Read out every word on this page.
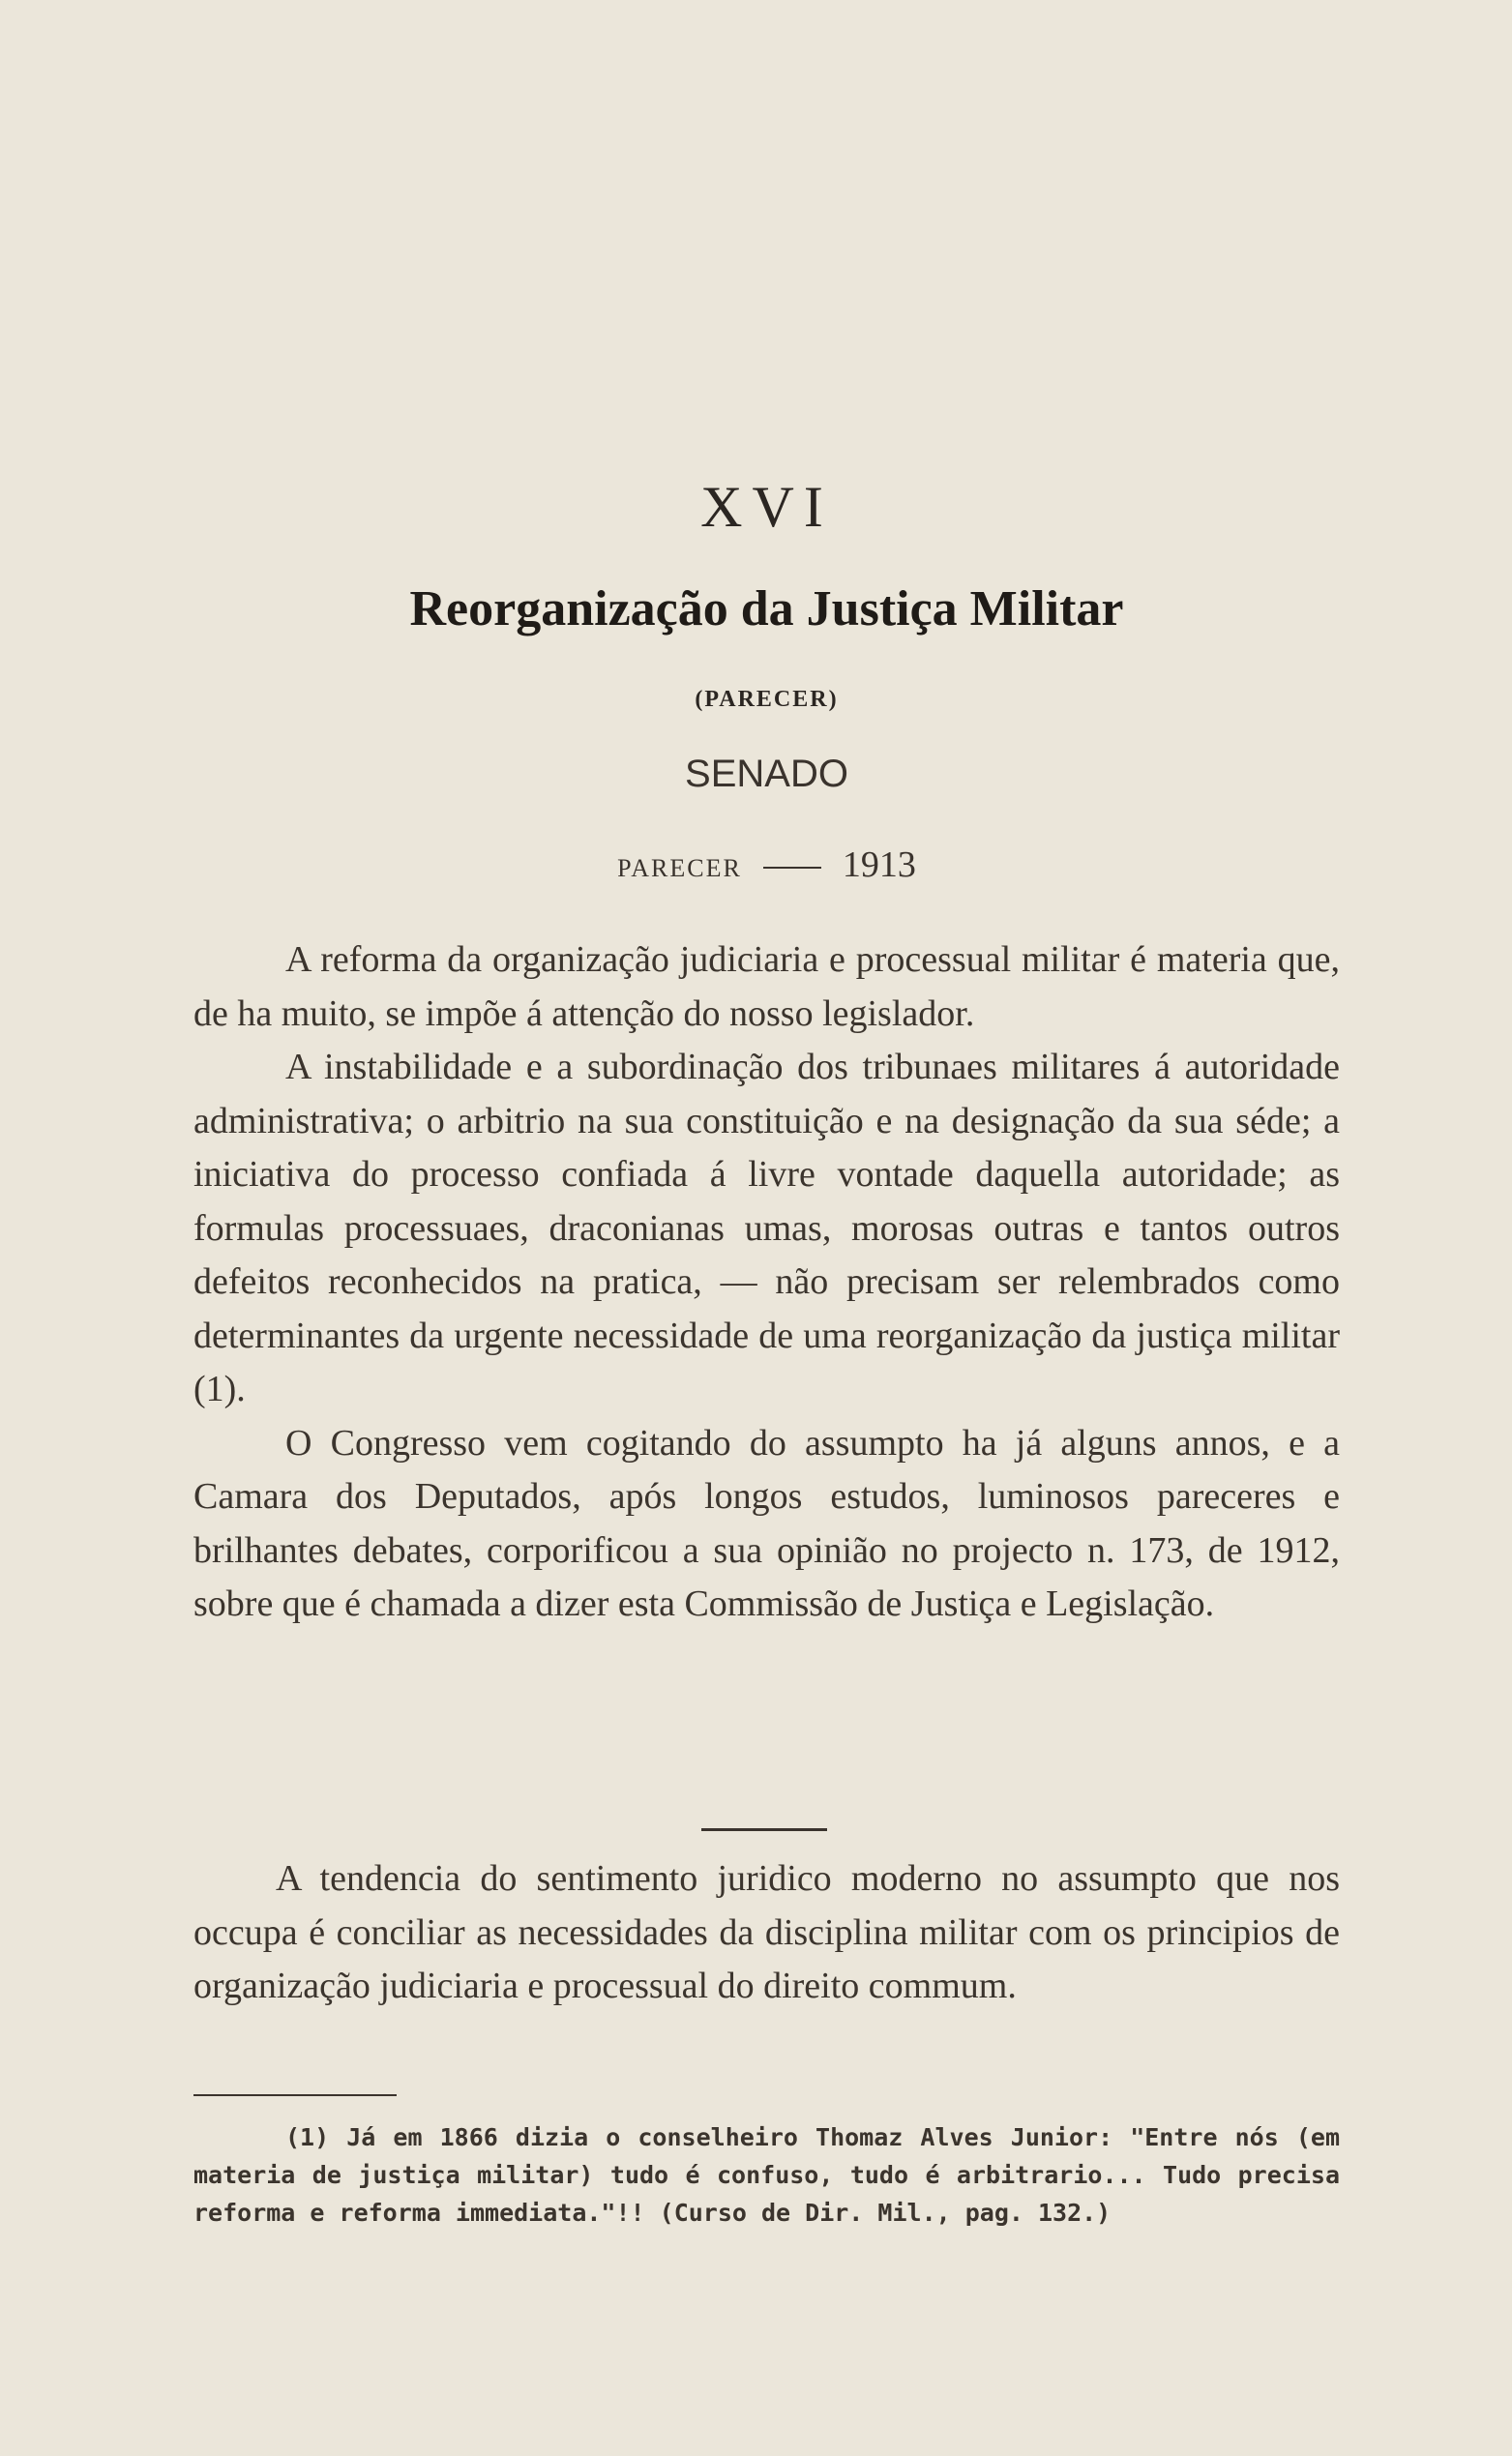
XVI
Reorganização da Justiça Militar
(PARECER)
SENADO
PARECER	1913

A reforma da organização judiciaria e processual militar é materia que, de ha muito, se impõe á attenção do nosso legislador.

A instabilidade e a subordinação dos tribunaes militares á autoridade administrativa; o arbitrio na sua constituição e na designação da sua séde; a iniciativa do processo confiada á livre vontade daquella autoridade; as formulas processuaes, draconianas umas, morosas outras e tantos outros defeitos reconhecidos na pratica, — não precisam ser relembrados como determinantes da urgente necessidade de uma reorganização da justiça militar (1).

O Congresso vem cogitando do assumpto ha já alguns annos, e a Camara dos Deputados, após longos estudos, luminosos pareceres e brilhantes debates, corporificou a sua opinião no projecto n. 173, de 1912, sobre que é chamada a dizer esta Commissão de Justiça e Legislação.

A tendencia do sentimento juridico moderno no assumpto que nos occupa é conciliar as necessidades da disciplina militar com os principios de organização judiciaria e processual do direito commum.

(1) Já em 1866 dizia o conselheiro Thomaz Alves Junior: "Entre nós (em materia de justiça militar) tudo é confuso, tudo é arbitrario... Tudo precisa reforma e reforma immediata."!! (Curso de Dir. Mil., pag. 132.)
